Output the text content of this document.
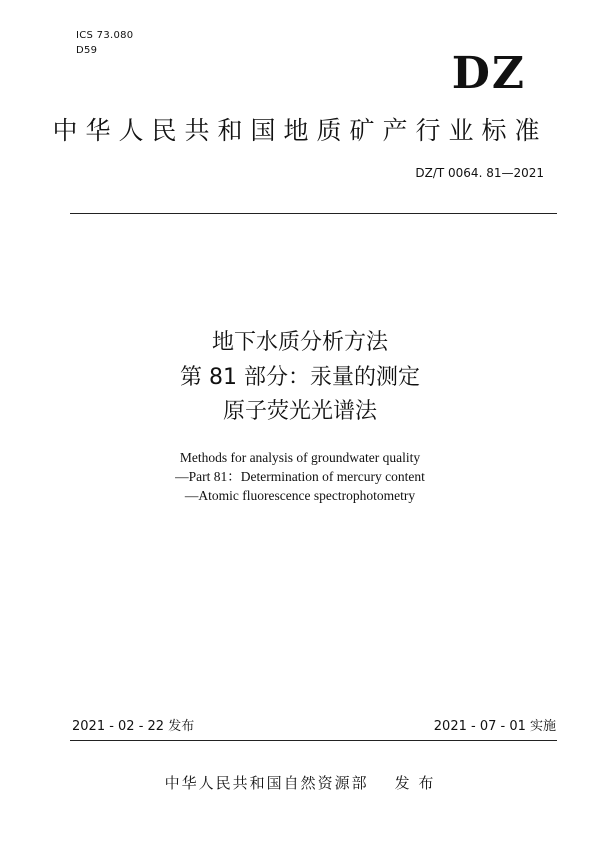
ICS 73.080
D59	DZ
中华人民共和国地质矿产行业标准
DZ/T 0064. 81—2021
地下水质分析方法
第 81 部分：汞量的测定
原子荧光光谱法
Methods for analysis of groundwater quality
—Part 81：Determination of mercury content
—Atomic fluorescence spectrophotometry
2021 - 02 - 22 发布	2021 - 07 - 01 实施
中华人民共和国自然资源部 发 布
